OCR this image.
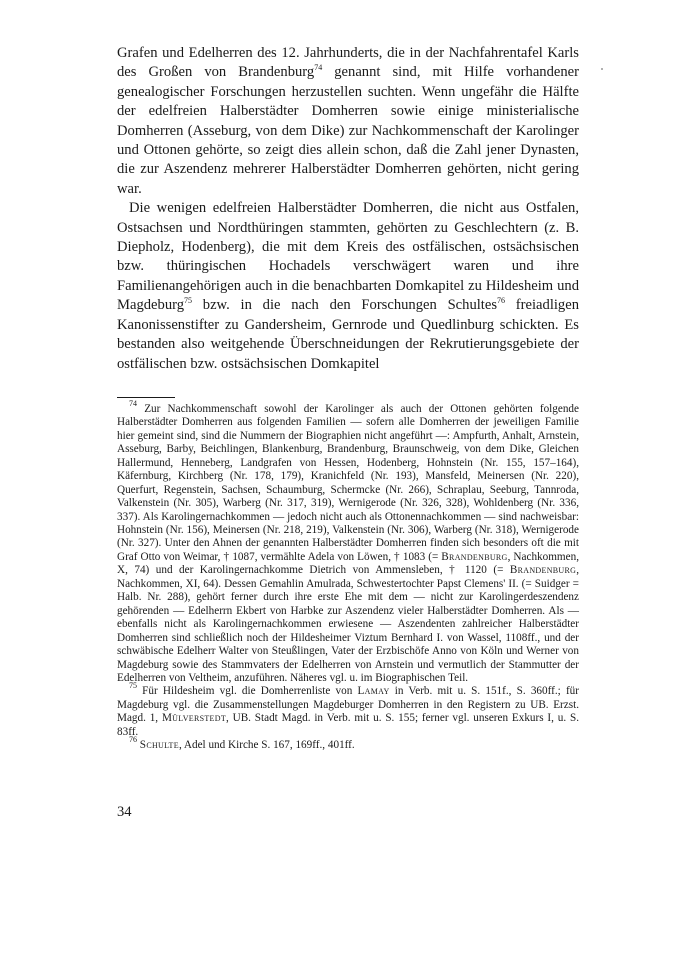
Grafen und Edelherren des 12. Jahrhunderts, die in der Nachfahrentafel Karls des Großen von Brandenburg$^{74}$ genannt sind, mit Hilfe vorhandener genealogischer Forschungen herzustellen suchten. Wenn ungefähr die Hälfte der edelfreien Halberstädter Domherren sowie einige ministerialische Domherren (Asseburg, von dem Dike) zur Nachkommenschaft der Karolinger und Ottonen gehörte, so zeigt dies allein schon, daß die Zahl jener Dynasten, die zur Aszendenz mehrerer Halberstädter Domherren gehörten, nicht gering war.

Die wenigen edelfreien Halberstädter Domherren, die nicht aus Ostfalen, Ostsachsen und Nordthüringen stammten, gehörten zu Geschlechtern (z. B. Diepholz, Hodenberg), die mit dem Kreis des ostfälischen, ostsächsischen bzw. thüringischen Hochadels verschwägert waren und ihre Familienangehörigen auch in die benachbarten Domkapitel zu Hildesheim und Magdeburg$^{75}$ bzw. in die nach den Forschungen Schultes$^{76}$ freiadligen Kanonissenstifter zu Gandersheim, Gernrode und Quedlinburg schickten. Es bestanden also weitgehende Überschneidungen der Rekrutierungsgebiete der ostfälischen bzw. ostsächsischen Domkapitel

$^{74}$ Zur Nachkommenschaft sowohl der Karolinger als auch der Ottonen gehörten folgende Halberstädter Domherren aus folgenden Familien — sofern alle Domherren der jeweiligen Familie hier gemeint sind, sind die Nummern der Biographien nicht angeführt —: Ampfurth, Anhalt, Arnstein, Asseburg, Barby, Beichlingen, Blankenburg, Brandenburg, Braunschweig, von dem Dike, Gleichen Hallermund, Henneberg, Landgrafen von Hessen, Hodenberg, Hohnstein (Nr. 155, 157–164), Käfernburg, Kirchberg (Nr. 178, 179), Kranichfeld (Nr. 193), Mansfeld, Meinersen (Nr. 220), Querfurt, Regenstein, Sachsen, Schaumburg, Schermcke (Nr. 266), Schraplau, Seeburg, Tannroda, Valkenstein (Nr. 305), Warberg (Nr. 317, 319), Wernigerode (Nr. 326, 328), Wohldenberg (Nr. 336, 337). Als Karolingernachkommen — jedoch nicht auch als Ottonennachkommen — sind nachweisbar: Hohnstein (Nr. 156), Meinersen (Nr. 218, 219), Valkenstein (Nr. 306), Warberg (Nr. 318), Wernigerode (Nr. 327). Unter den Ahnen der genannten Halberstädter Domherren finden sich besonders oft die mit Graf Otto von Weimar, † 1087, vermählte Adela von Löwen, † 1083 (= Brandenburg, Nachkommen, X, 74) und der Karolingernachkomme Dietrich von Ammensleben, † 1120 (= Brandenburg, Nachkommen, XI, 64). Dessen Gemahlin Amulrada, Schwestertochter Papst Clemens' II. (= Suidger = Halb. Nr. 288), gehört ferner durch ihre erste Ehe mit dem — nicht zur Karolingerdeszendenz gehörenden — Edelherrn Ekbert von Harbke zur Aszendenz vieler Halberstädter Domherren. Als — ebenfalls nicht als Karolingernachkommen erwiesene — Aszendenten zahlreicher Halberstädter Domherren sind schließlich noch der Hildesheimer Viztum Bernhard I. von Wassel, 1108ff., und der schwäbische Edelherr Walter von Steußlingen, Vater der Erzbischöfe Anno von Köln und Werner von Magdeburg sowie des Stammvaters der Edelherren von Arnstein und vermutlich der Stammutter der Edelherren von Veltheim, anzuführen. Näheres vgl. u. im Biographischen Teil.

$^{75}$ Für Hildesheim vgl. die Domherrenliste von Lamay in Verb. mit u. S. 151f., S. 360ff.; für Magdeburg vgl. die Zusammenstellungen Magdeburger Domherren in den Registern zu UB. Erzst. Magd. 1, Mülverstedt, UB. Stadt Magd. in Verb. mit u. S. 155; ferner vgl. unseren Exkurs I, u. S. 83ff.

$^{76}$ Schulte, Adel und Kirche S. 167, 169ff., 401ff.

34
